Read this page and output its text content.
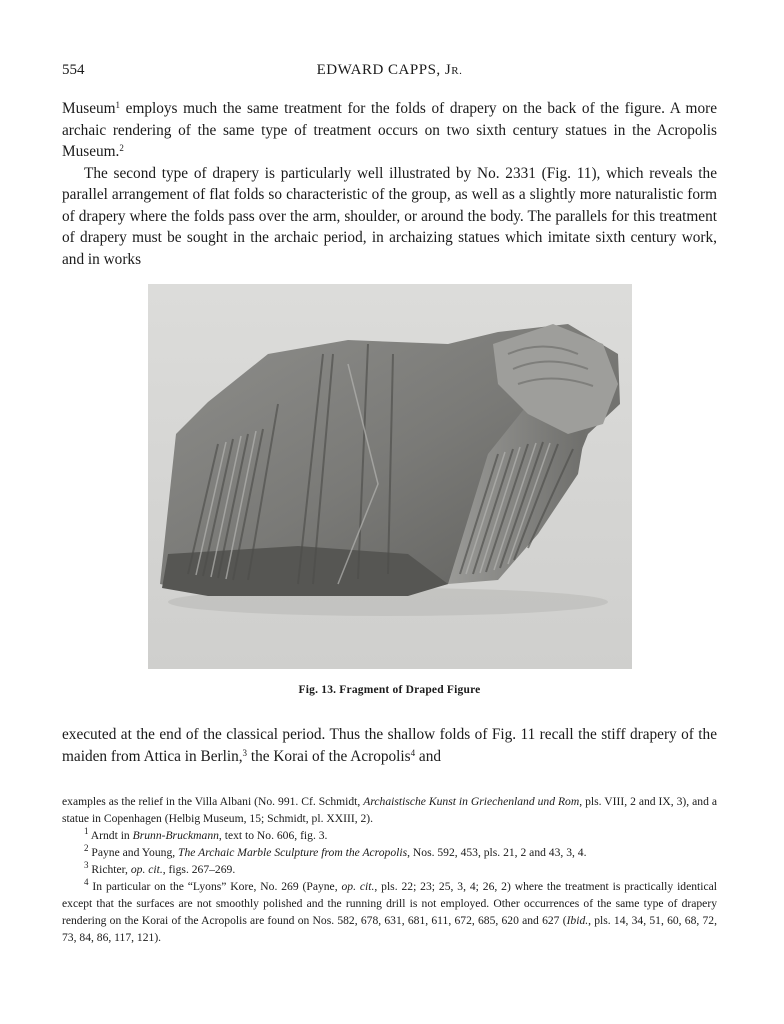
554	EDWARD CAPPS, JR.

Museum$^1$ employs much the same treatment for the folds of drapery on the back of the figure. A more archaic rendering of the same type of treatment occurs on two sixth century statues in the Acropolis Museum.$^2$

The second type of drapery is particularly well illustrated by No. 2331 (Fig. 11), which reveals the parallel arrangement of flat folds so characteristic of the group, as well as a slightly more naturalistic form of drapery where the folds pass over the arm, shoulder, or around the body. The parallels for this treatment of drapery must be sought in the archaic period, in archaizing statues which imitate sixth century work, and in works

Fig. 13. Fragment of Draped Figure

executed at the end of the classical period. Thus the shallow folds of Fig. 11 recall the stiff drapery of the maiden from Attica in Berlin,$^3$ the Korai of the Acropolis$^4$ and

examples as the relief in the Villa Albani (No. 991. Cf. Schmidt, Archaistische Kunst in Griechenland und Rom, pls. VIII, 2 and IX, 3), and a statue in Copenhagen (Helbig Museum, 15; Schmidt, pl. XXIII, 2).

$^1$ Arndt in Brunn-Bruckmann, text to No. 606, fig. 3.

$^2$ Payne and Young, The Archaic Marble Sculpture from the Acropolis, Nos. 592, 453, pls. 21, 2 and 43, 3, 4.

$^3$ Richter, op. cit., figs. 267–269.

$^4$ In particular on the “Lyons” Kore, No. 269 (Payne, op. cit., pls. 22; 23; 25, 3, 4; 26, 2) where the treatment is practically identical except that the surfaces are not smoothly polished and the running drill is not employed. Other occurrences of the same type of drapery rendering on the Korai of the Acropolis are found on Nos. 582, 678, 631, 681, 611, 672, 685, 620 and 627 (Ibid., pls. 14, 34, 51, 60, 68, 72, 73, 84, 86, 117, 121).
